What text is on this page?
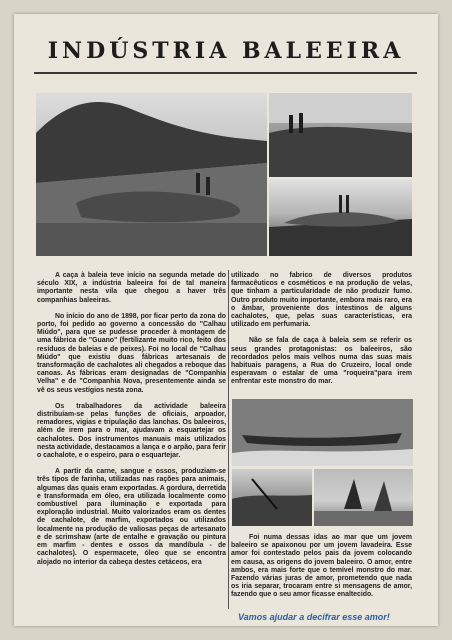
INDÚSTRIA BALEEIRA

A caça à baleia teve início na segunda metade do século XIX, a indústria baleeira foi de tal maneira importante nesta vila que chegou a haver três companhias baleeiras.

No início do ano de 1898, por ficar perto da zona do porto, foi pedido ao governo a concessão do "Calhau Miúdo", para que se pudesse proceder à montagem de uma fábrica de "Guano" (fertilizante muito rico, feito dos resíduos de baleias e de peixes). Foi no local de "Calhau Miúdo" que existiu duas fábricas artesanais de transformação de cachalotes ali chegados a reboque das canoas. As fábricas eram designadas de "Companhia Velha" e de "Companhia Nova, presentemente ainda se vê os seus vestígios nesta zona.

Os trabalhadores da actividade baleeira distribuíam-se pelas funções de oficiais, arpoador, remadores, vigias e tripulação das lanchas. Os baleeiros, além de irem para o mar, ajudavam a esquartejar os cachalotes. Dos instrumentos manuais mais utilizados nesta actividade, destacamos a lança e o arpão, para ferir o cachalote, e o espeiro, para o esquartejar.

A partir da carne, sangue e ossos, produziam-se três tipos de farinha, utilizadas nas rações para animais, algumas das quais eram exportadas. A gordura, derretida e transformada em óleo, era utilizada localmente como combustível para iluminação e exportada para exploração industrial. Muito valorizados eram os dentes de cachalote, de marfim, exportados ou utilizados localmente na produção de valiosas peças de artesanato e de scrimshaw (arte de entalhe e gravação ou pintura em marfim - dentes e ossos da mandíbula - de cachalotes). O espermacete, óleo que se encontra alojado no interior da cabeça destes cetáceos, era

utilizado no fabrico de diversos produtos farmacêuticos e cosméticos e na produção de velas, que tinham a particularidade de não produzir fumo. Outro produto muito importante, embora mais raro, era o âmbar, proveniente dos intestinos de alguns cachalotes, que, pelas suas características, era utilizado em perfumaria.

Não se fala de caça à baleia sem se referir os seus grandes protagonistas: os baleeiros, são recordados pelos mais velhos numa das suas mais habituais paragens, a Rua do Cruzeiro, local onde esperavam o estalar de uma "roqueira"para irem enfrentar este monstro do mar.

Foi numa dessas idas ao mar que um jovem baleeiro se apaixonou por um jovem lavadeira. Esse amor foi contestado pelos pais da jovem colocando em causa, as origens do jovem baleeiro. O amor, entre ambos, era mais forte que o temível monstro do mar. Fazendo várias juras de amor, prometendo que nada os iria separar, trocaram entre si mensagens de amor, fazendo que o seu amor ficasse enaltecido.

Vamos ajudar a decifrar esse amor!
